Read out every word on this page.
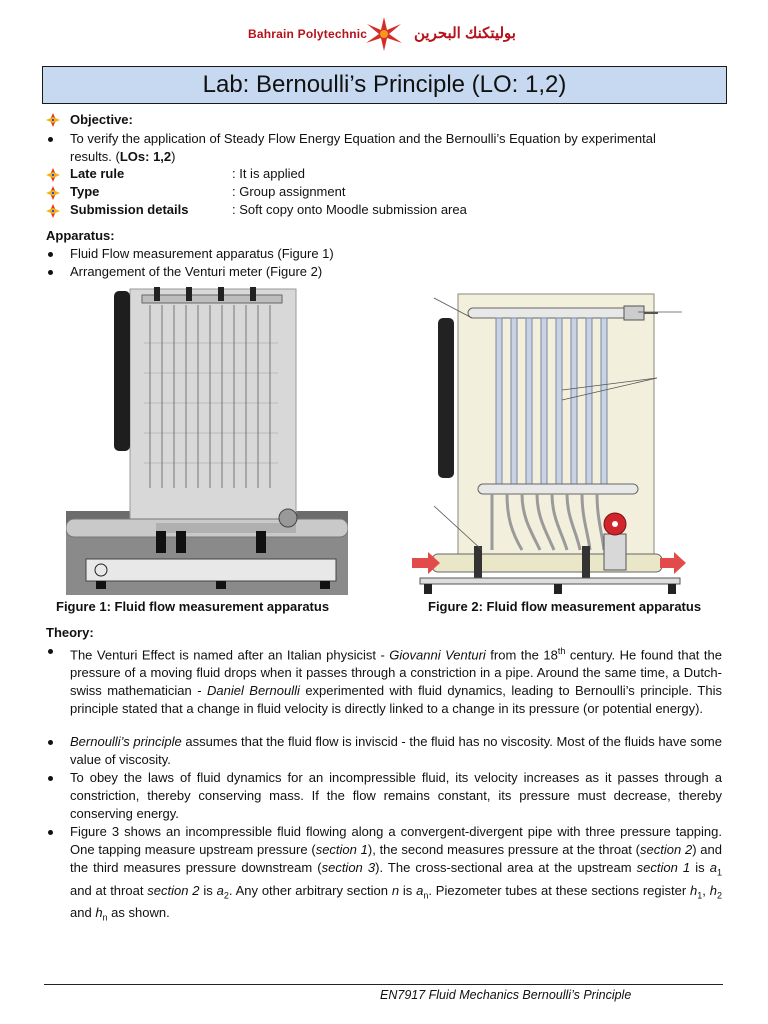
Bahrain Polytechnic	بوليتكنك البحرين
Lab: Bernoulli’s Principle (LO: 1,2)
Objective:
To verify the application of Steady Flow Energy Equation and the Bernoulli’s Equation by experimental
results. (LOs: 1,2)
Late rule	: It is applied
Type	: Group assignment
Submission details	: Soft copy onto Moodle submission area
Apparatus:
Fluid Flow measurement apparatus (Figure 1)
Arrangement of the Venturi meter (Figure 2)
Figure 1: Fluid flow measurement apparatus	Figure 2: Fluid flow measurement apparatus
Theory:

The Venturi Effect is named after an Italian physicist - Giovanni Venturi from the 18th century. He found that the pressure of a moving fluid drops when it passes through a constriction in a pipe. Around the same time, a Dutch-swiss mathematician - Daniel Bernoulli experimented with fluid dynamics, leading to Bernoulli’s principle. This principle stated that a change in fluid velocity is directly linked to a change in its pressure (or potential energy).

Bernoulli’s principle assumes that the fluid flow is inviscid - the fluid has no viscosity. Most of the fluids have some value of viscosity.

To obey the laws of fluid dynamics for an incompressible fluid, its velocity increases as it passes through a constriction, thereby conserving mass. If the flow remains constant, its pressure must decrease, thereby conserving energy.

Figure 3 shows an incompressible fluid flowing along a convergent-divergent pipe with three pressure tapping. One tapping measure upstream pressure (section 1), the second measures pressure at the throat (section 2) and the third measures pressure downstream (section 3). The cross-sectional area at the upstream section 1 is $a_1$ and at throat section 2 is $a_2$. Any other arbitrary section n is $a_n$. Piezometer tubes at these sections register $h_1$, $h_2$ and $h_n$ as shown.

EN7917 Fluid Mechanics Bernoulli’s Principle
